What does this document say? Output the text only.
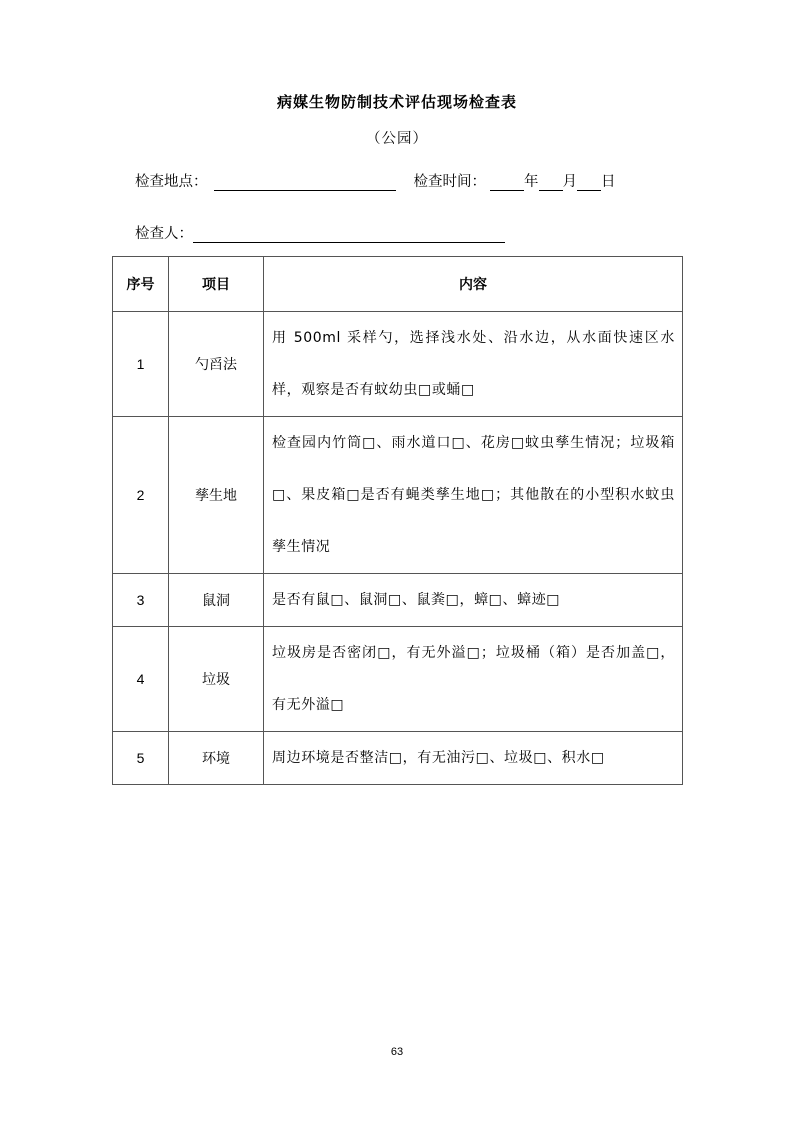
病媒生物防制技术评估现场检查表
（公园）
检查地点：	检查时间：	年 月 日
检查人：
序号	项目	内容
1	勺舀法	用 500ml 采样勺，选择浅水处、沿水边，从水面快速区水样，观察是否有蚊幼虫□或蛹□
2	孳生地	检查园内竹筒□、雨水道口□、花房□蚊虫孳生情况；垃圾箱□、果皮箱□是否有蝇类孳生地□；其他散在的小型积水蚊虫孳生情况
3	鼠洞	是否有鼠□、鼠洞□、鼠粪□，蟑□、蟑迹□
4	垃圾	垃圾房是否密闭□，有无外溢□；垃圾桶（箱）是否加盖□，有无外溢□
5	环境	周边环境是否整洁□，有无油污□、垃圾□、积水□
63
